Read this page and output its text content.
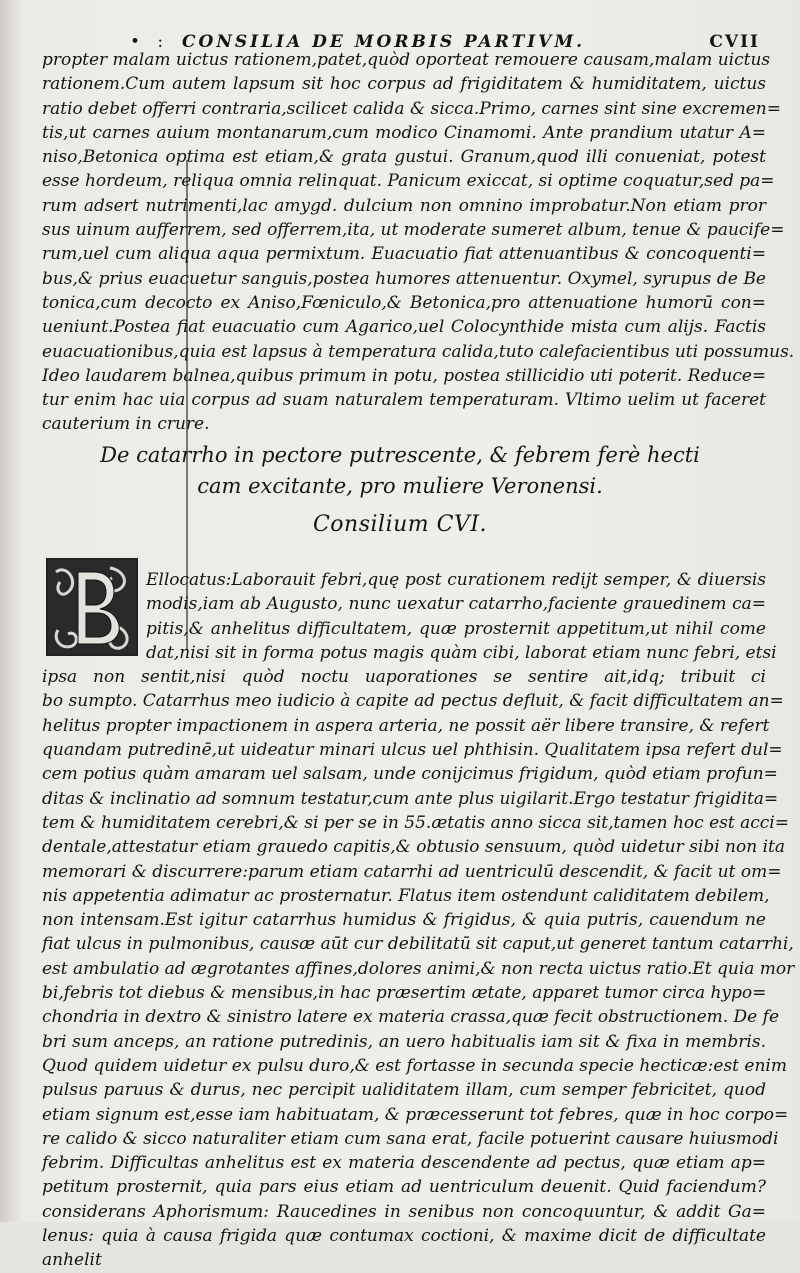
• : CONSILIA DE MORBIS PARTIVM.	CVII
propter malam uictus rationem,patet,quòd oporteat remouere causam,malam uictus
rationem.Cum autem lapsum sit hoc corpus ad frigiditatem & humiditatem, uictus
ratio debet offerri contraria,scilicet calida & sicca.Primo, carnes sint sine excremen=
tis,ut carnes auium montanarum,cum modico Cinamomi. Ante prandium utatur A=
niso,Betonica optima est etiam,& grata gustui. Granum,quod illi conueniat, potest
esse hordeum, reliqua omnia relinquat. Panicum exiccat, si optime coquatur,sed pa=
rum adsert nutrimenti,lac amygd. dulcium non omnino improbatur.Non etiam pror
sus uinum aufferrem, sed offerrem,ita, ut moderate sumeret album, tenue & paucife=
rum,uel cum aliqua aqua permixtum. Euacuatio fiat attenuantibus & concoquenti=
bus,& prius euacuetur sanguis,postea humores attenuentur. Oxymel, syrupus de Be
tonica,cum decocto ex Aniso,Fœniculo,& Betonica,pro attenuatione humorū con=
ueniunt.Postea fiat euacuatio cum Agarico,uel Colocynthide mista cum alijs. Factis
euacuationibus,quia est lapsus à temperatura calida,tuto calefacientibus uti possumus.
Ideo laudarem balnea,quibus primum in potu, postea stillicidio uti poterit. Reduce=
tur enim hac uia corpus ad suam naturalem temperaturam. Vltimo uelim ut faceret
cauterium in crure.
De catarrho in pectore putrescente, & febrem ferè hecti
cam excitante, pro muliere Veronensi.
Consilium CVI.
Ellocatus:Laborauit febri,quę post curationem redijt semper, & diuersis
modis,iam ab Augusto, nunc uexatur catarrho,faciente grauedinem ca=
pitis,& anhelitus difficultatem, quæ prosternit appetitum,ut nihil come
dat,nisi sit in forma potus magis quàm cibi, laborat etiam nunc febri, etsi
ipsa non sentit,nisi quòd noctu uaporationes se sentire ait,idq; tribuit ci
bo sumpto. Catarrhus meo iudicio à capite ad pectus defluit, & facit difficultatem an=
helitus propter impactionem in aspera arteria, ne possit aër libere transire, & refert
quandam putredinē,ut uideatur minari ulcus uel phthisin. Qualitatem ipsa refert dul=
cem potius quàm amaram uel salsam, unde conijcimus frigidum, quòd etiam profun=
ditas & inclinatio ad somnum testatur,cum ante plus uigilarit.Ergo testatur frigidita=
tem & humiditatem cerebri,& si per se in 55.ætatis anno sicca sit,tamen hoc est acci=
dentale,attestatur etiam grauedo capitis,& obtusio sensuum, quòd uidetur sibi non ita
memorari & discurrere:parum etiam catarrhi ad uentriculū descendit, & facit ut om=
nis appetentia adimatur ac prosternatur. Flatus item ostendunt caliditatem debilem,
non intensam.Est igitur catarrhus humidus & frigidus, & quia putris, cauendum ne
fiat ulcus in pulmonibus, causæ aūt cur debilitatū sit caput,ut generet tantum catarrhi,
est ambulatio ad ægrotantes affines,dolores animi,& non recta uictus ratio.Et quia mor
bi,febris tot diebus & mensibus,in hac præsertim ætate, apparet tumor circa hypo=
chondria in dextro & sinistro latere ex materia crassa,quæ fecit obstructionem. De fe
bri sum anceps, an ratione putredinis, an uero habitualis iam sit & fixa in membris.
Quod quidem uidetur ex pulsu duro,& est fortasse in secunda specie hecticæ:est enim
pulsus paruus & durus, nec percipit ualiditatem illam, cum semper febricitet, quod
etiam signum est,esse iam habituatam, & præcesserunt tot febres, quæ in hoc corpo=
re calido & sicco naturaliter etiam cum sana erat, facile potuerint causare huiusmodi
febrim. Difficultas anhelitus est ex materia descendente ad pectus, quæ etiam ap=
petitum prosternit, quia pars eius etiam ad uentriculum deuenit. Quid faciendum?
considerans Aphorismum: Raucedines in senibus non concoquuntur, & addit Ga=
lenus: quia à causa frigida quæ contumax coctioni, & maxime dicit de difficultate
anhelit
